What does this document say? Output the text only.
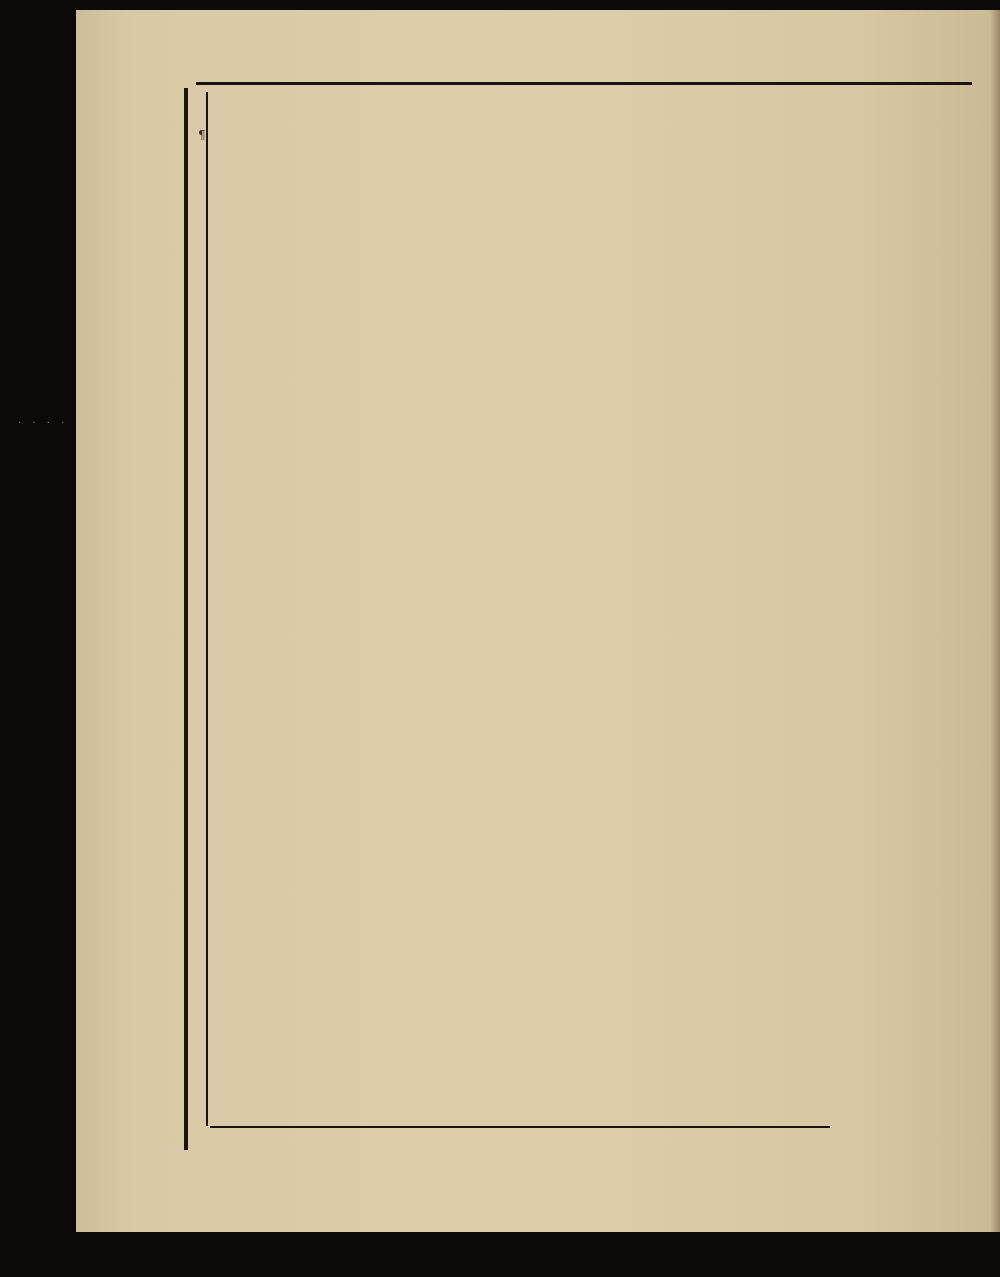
· · · ·
¶
